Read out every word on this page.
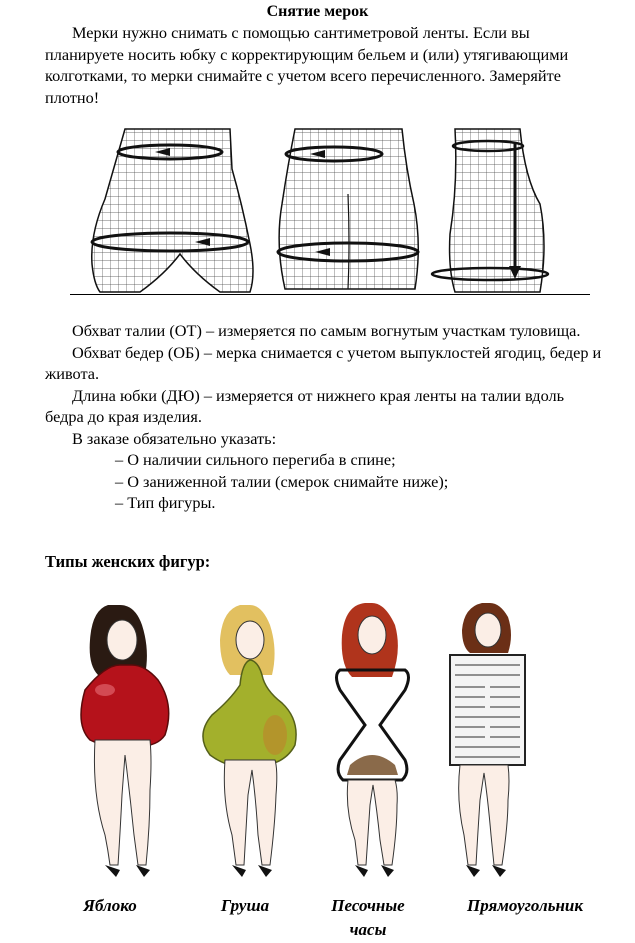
Снятие мерок

Мерки нужно снимать с помощью сантиметровой ленты. Если вы планируете носить юбку с корректирующим бельем и (или) утягивающими колготками, то мерки снимайте с учетом всего перечисленного. Замеряйте плотно!

Обхват талии (ОТ) – измеряется по самым вогнутым участкам туловища.

Обхват бедер (ОБ) – мерка снимается с учетом выпуклостей ягодиц, бедер и живота.

Длина юбки (ДЮ) – измеряется от нижнего края ленты на талии вдоль бедра до края изделия.

В заказе обязательно указать:

– О наличии сильного перегиба в спине;

– О заниженной талии (смерок снимайте ниже);

– Тип фигуры.

Типы женских фигур:
Яблоко	Груша	Песочные часы
Прямоугольник
